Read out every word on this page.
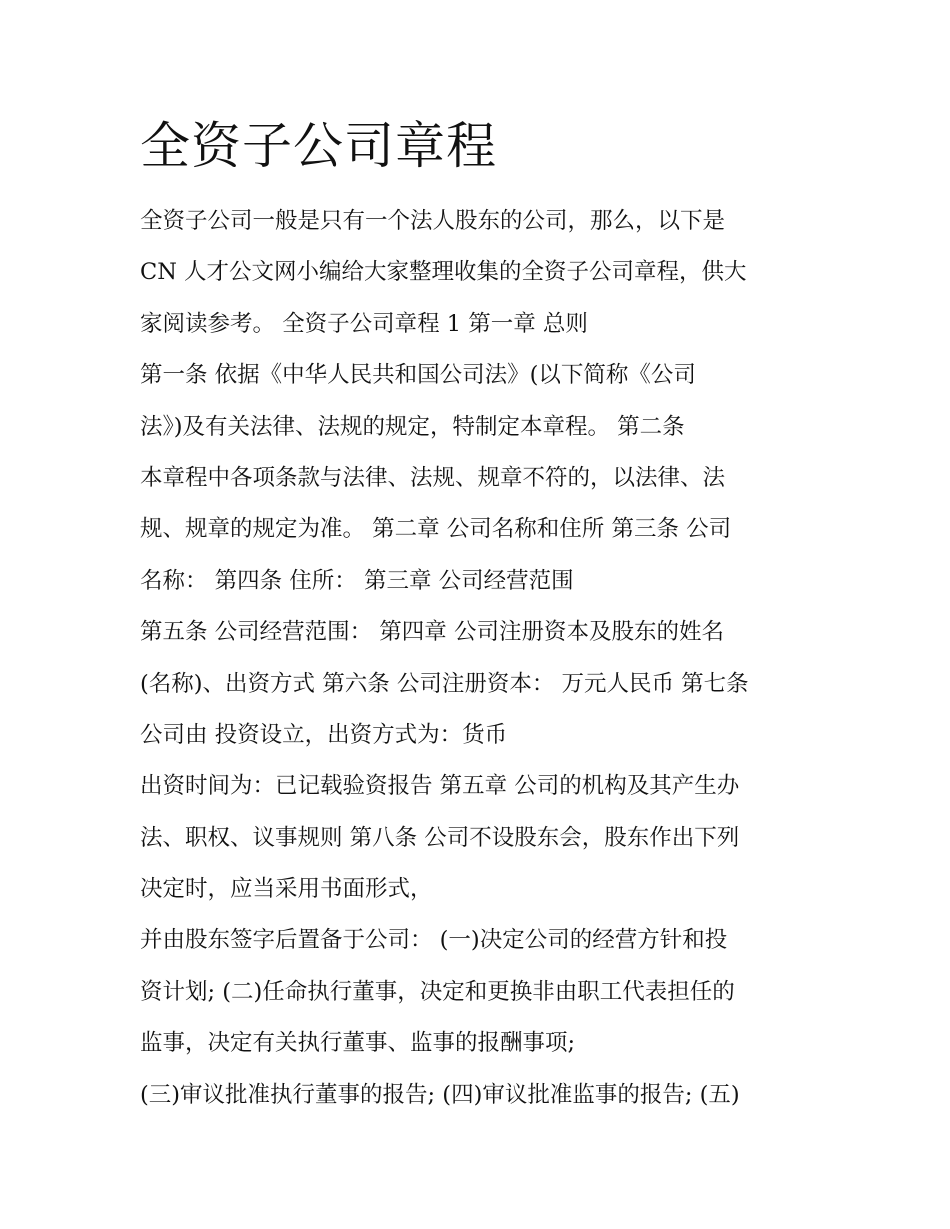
全资子公司章程
全资子公司一般是只有一个法人股东的公司，那么，以下是
CN 人才公文网小编给大家整理收集的全资子公司章程，供大
家阅读参考。 全资子公司章程 1 第一章 总则
第一条 依据《中华人民共和国公司法》(以下简称《公司
法》)及有关法律、法规的规定，特制定本章程。 第二条
本章程中各项条款与法律、法规、规章不符的，以法律、法
规、规章的规定为准。 第二章 公司名称和住所 第三条 公司
名称： 第四条 住所： 第三章 公司经营范围
第五条 公司经营范围： 第四章 公司注册资本及股东的姓名
(名称)、出资方式 第六条 公司注册资本： 万元人民币 第七条
公司由 投资设立，出资方式为：货币
出资时间为：已记载验资报告 第五章 公司的机构及其产生办
法、职权、议事规则 第八条 公司不设股东会，股东作出下列
决定时，应当采用书面形式，
并由股东签字后置备于公司： (一)决定公司的经营方针和投
资计划; (二)任命执行董事，决定和更换非由职工代表担任的
监事，决定有关执行董事、监事的报酬事项;
(三)审议批准执行董事的报告; (四)审议批准监事的报告; (五)
